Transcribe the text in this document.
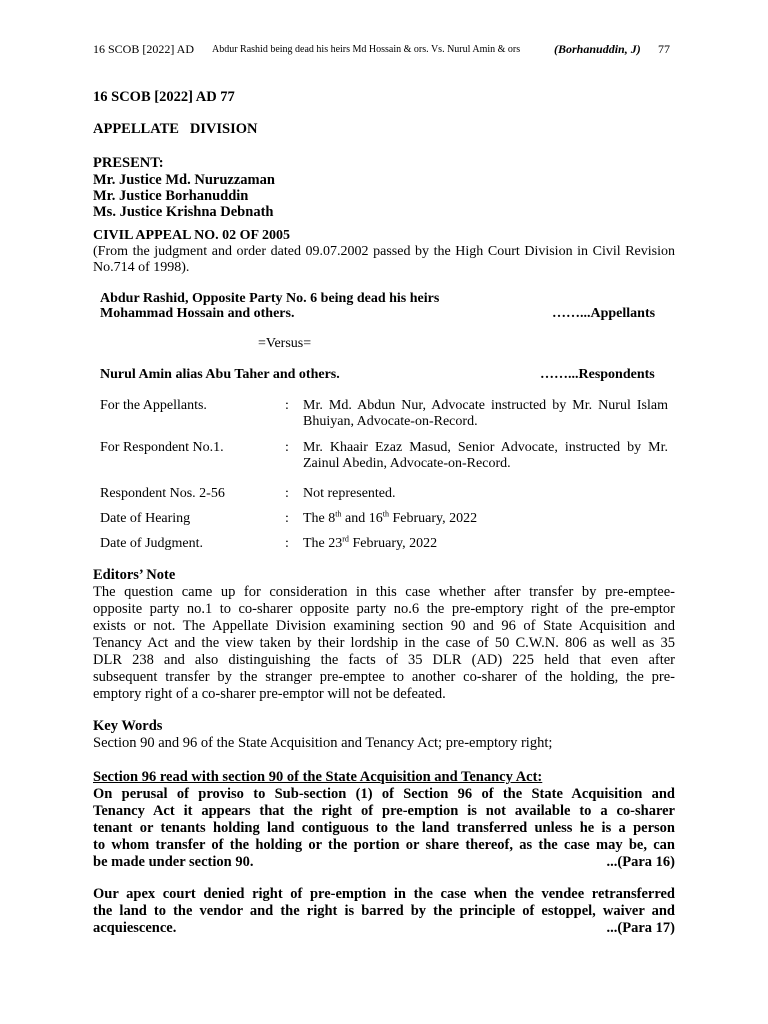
16 SCOB [2022] AD Abdur Rashid being dead his heirs Md Hossain & ors. Vs. Nurul Amin & ors	(Borhanuddin, J) 77
16 SCOB [2022] AD 77
APPELLATE   DIVISION
PRESENT:
Mr. Justice Md. Nuruzzaman
Mr. Justice Borhanuddin
Ms. Justice Krishna Debnath
CIVIL APPEAL NO. 02 OF 2005
(From the judgment and order dated 09.07.2002 passed by the High Court Division in Civil Revision
No.714 of 1998).
Abdur Rashid, Opposite Party No. 6 being dead his heirs
Mohammad Hossain and others.	……...Appellants
=Versus=
Nurul Amin alias Abu Taher and others.	……...Respondents
For the Appellants.	: Mr. Md. Abdun Nur, Advocate instructed by Mr. Nurul Islam
Bhuiyan, Advocate-on-Record.
For Respondent No.1.	: Mr. Khaair Ezaz Masud, Senior Advocate, instructed by Mr.
Zainul Abedin, Advocate-on-Record.
Respondent Nos. 2-56	: Not represented.
Date of Hearing	: The 8th and 16th February, 2022
Date of Judgment.	: The 23rd February, 2022
Editors’ Note
The question came up for consideration in this case whether after transfer by pre-emptee-
opposite party no.1 to co-sharer opposite party no.6 the pre-emptory right of the pre-emptor
exists or not. The Appellate Division examining section 90 and 96 of State Acquisition and
Tenancy Act and the view taken by their lordship in the case of 50 C.W.N. 806 as well as 35
DLR 238 and also distinguishing the facts of 35 DLR (AD) 225 held that even after
subsequent transfer by the stranger pre-emptee to another co-sharer of the holding, the pre-
emptory right of a co-sharer pre-emptor will not be defeated.
Key Words
Section 90 and 96 of the State Acquisition and Tenancy Act; pre-emptory right;
Section 96 read with section 90 of the State Acquisition and Tenancy Act:
On perusal of proviso to Sub-section (1) of Section 96 of the State Acquisition and
Tenancy Act it appears that the right of pre-emption is not available to a co-sharer
tenant or tenants holding land contiguous to the land transferred unless he is a person
to whom transfer of the holding or the portion or share thereof, as the case may be, can
be made under section 90.	...(Para 16)
Our apex court denied right of pre-emption in the case when the vendee retransferred
the land to the vendor and the right is barred by the principle of estoppel, waiver and
acquiescence.	...(Para 17)
